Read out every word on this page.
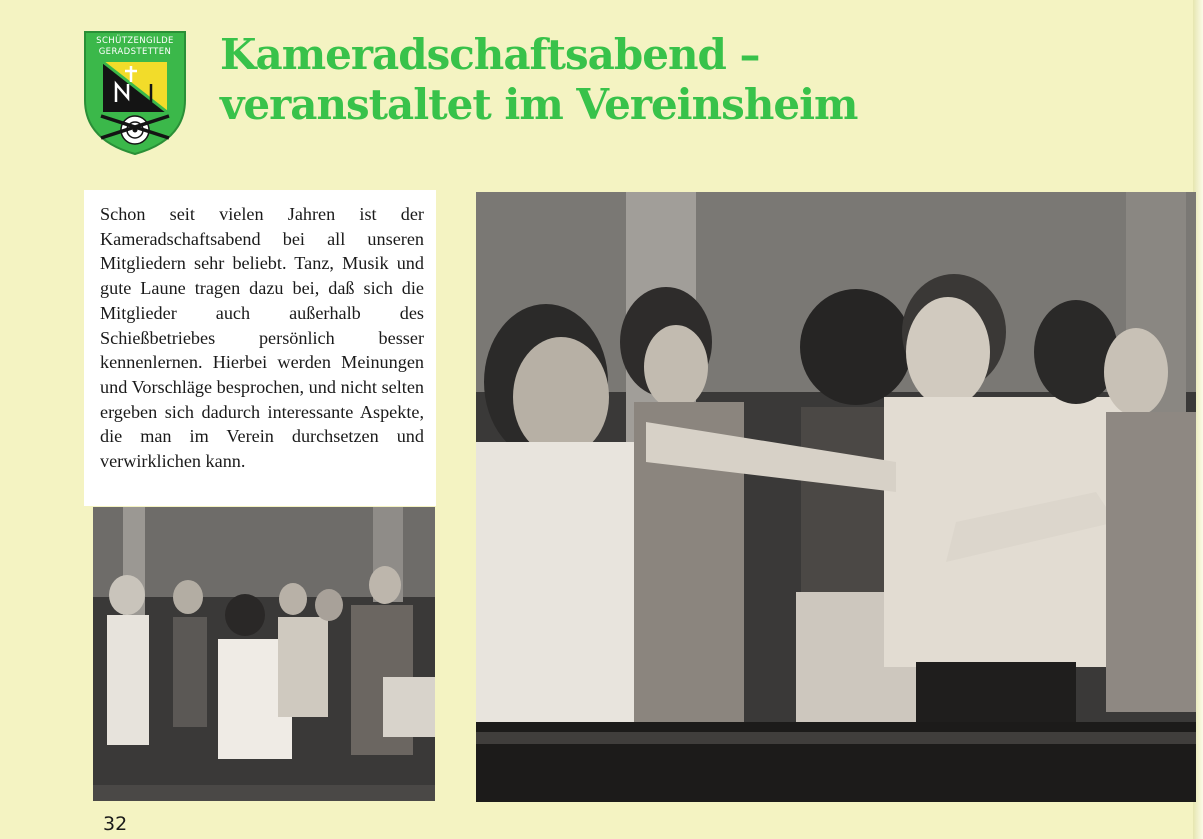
SCHÜTZENGILDE
GERADSTETTEN Kameradschaftsabend –
veranstaltet im Vereinsheim

Schon seit vielen Jahren ist der Kameradschaftsabend bei all unseren Mitgliedern sehr beliebt. Tanz, Musik und gute Laune tragen dazu bei, daß sich die Mitglieder auch außerhalb des Schießbetriebes persönlich besser kennenlernen. Hierbei werden Meinungen und Vorschläge besprochen, und nicht selten ergeben sich dadurch interessante Aspekte, die man im Verein durchsetzen und verwirklichen kann.

32
